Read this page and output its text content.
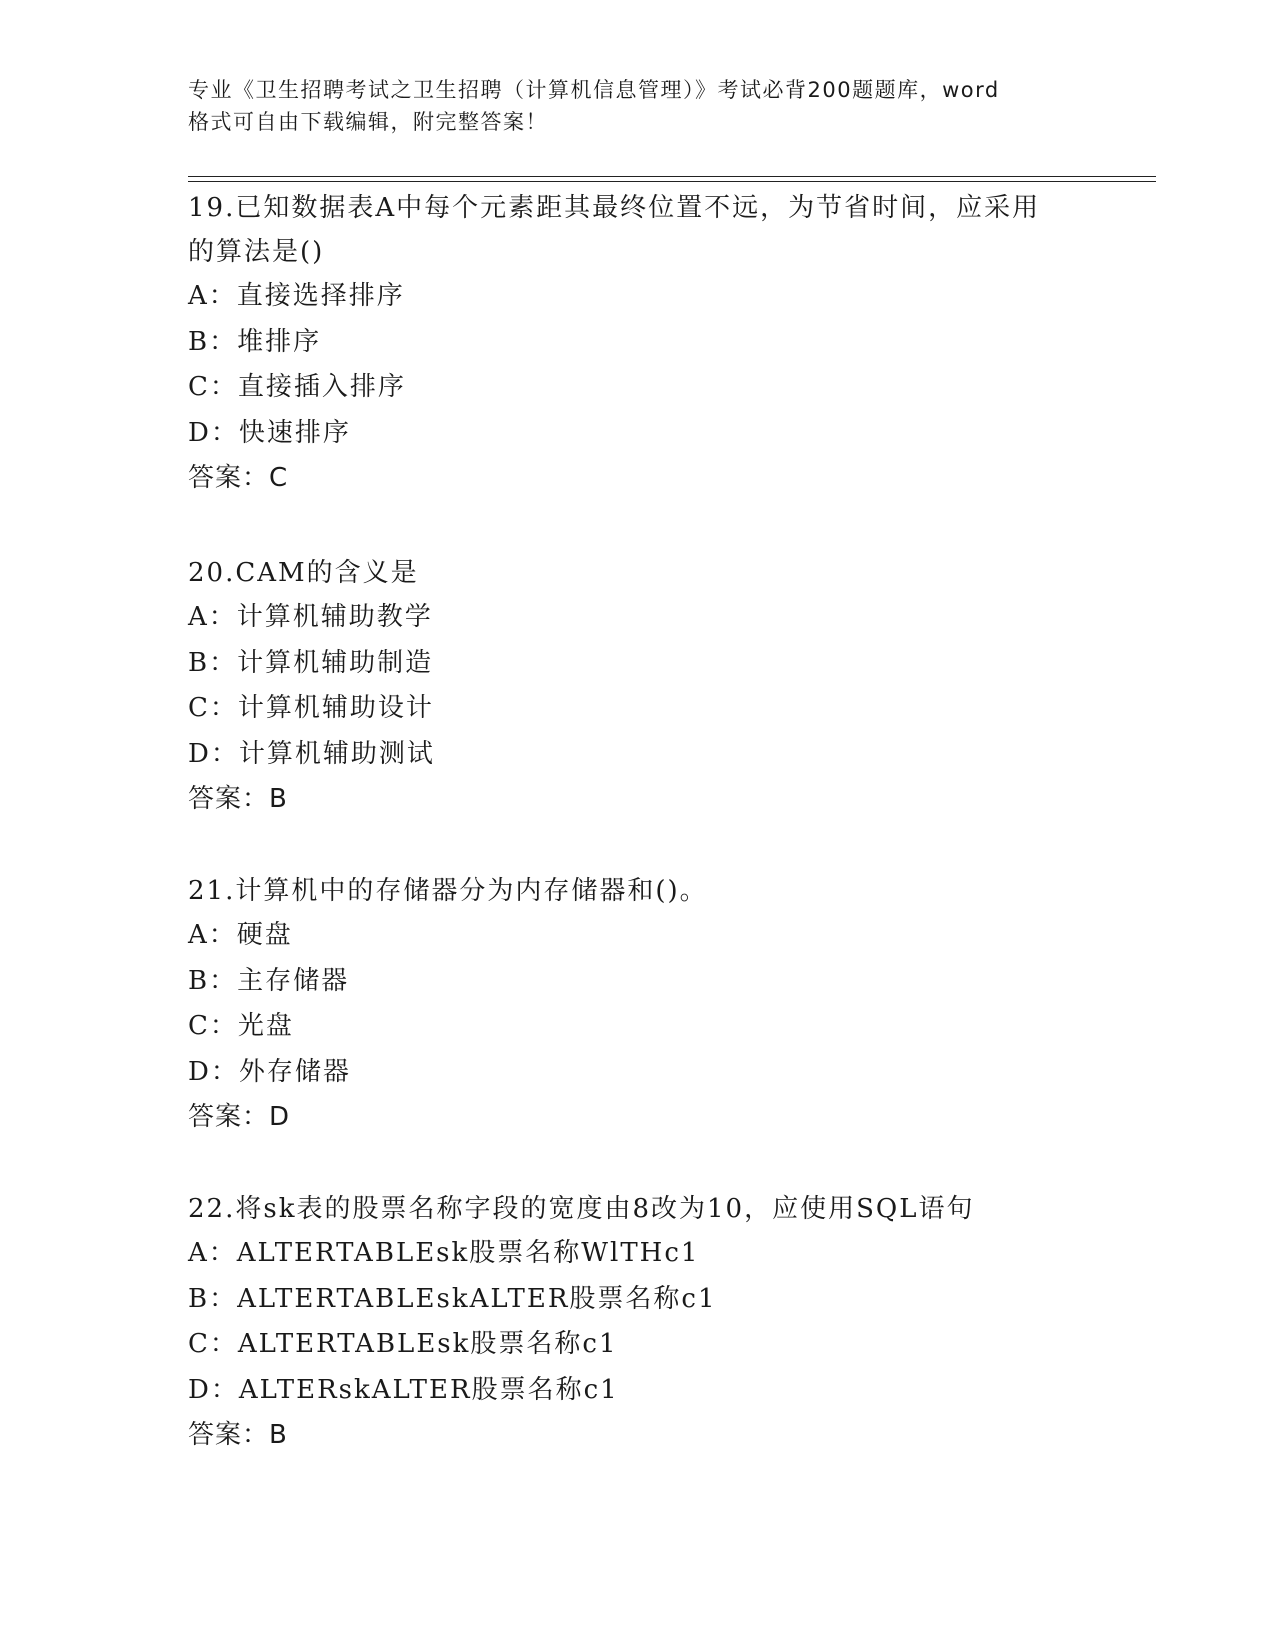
专业《卫生招聘考试之卫生招聘（计算机信息管理）》考试必背200题题库，word
格式可自由下载编辑，附完整答案！
19.已知数据表A中每个元素距其最终位置不远，为节省时间，应采用
的算法是()
A：直接选择排序
B：堆排序
C：直接插入排序
D：快速排序
答案：C
20.CAM的含义是
A：计算机辅助教学
B：计算机辅助制造
C：计算机辅助设计
D：计算机辅助测试
答案：B
21.计算机中的存储器分为内存储器和()。
A：硬盘
B：主存储器
C：光盘
D：外存储器
答案：D
22.将sk表的股票名称字段的宽度由8改为10，应使用SQL语句
A：ALTERTABLEsk股票名称WlTHc1
B：ALTERTABLEskALTER股票名称c1
C：ALTERTABLEsk股票名称c1
D：ALTERskALTER股票名称c1
答案：B
